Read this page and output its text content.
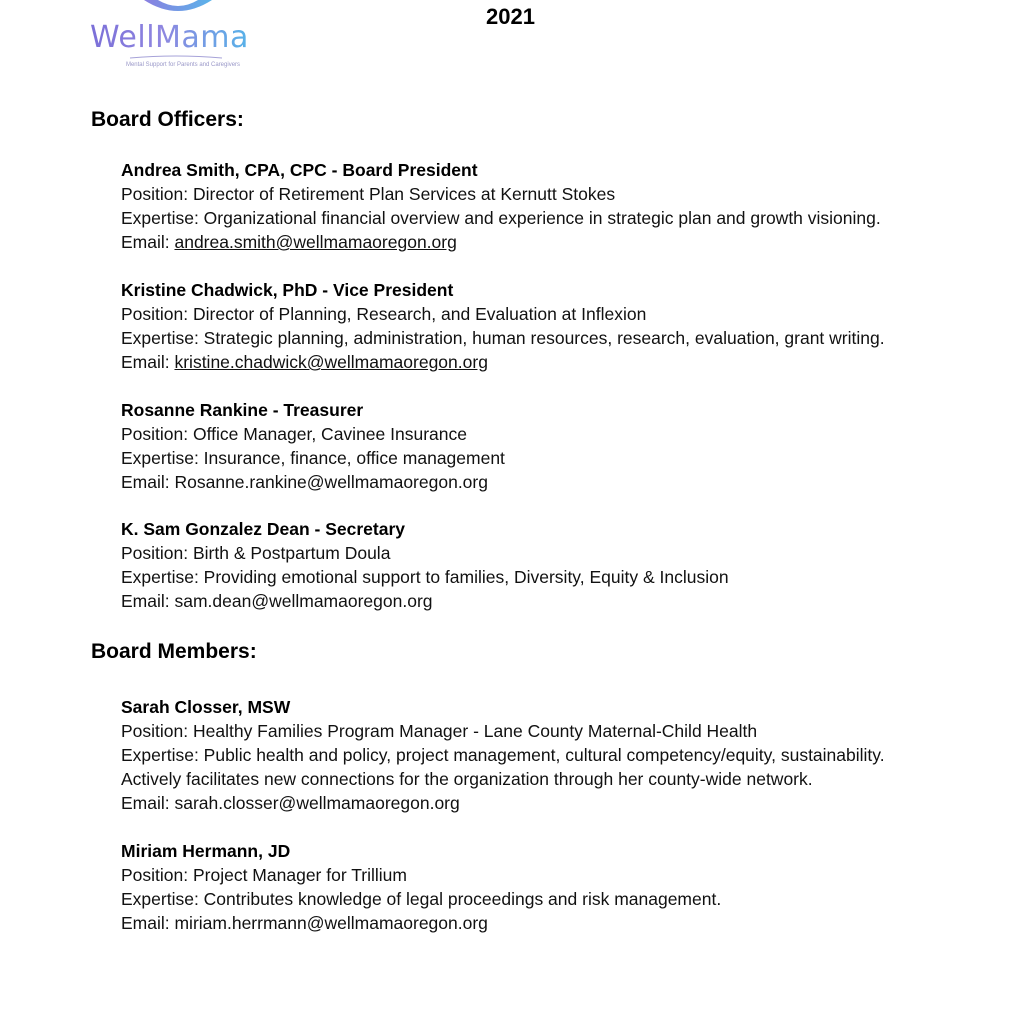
WellMama
Mental Support for Parents and Caregivers
2021
Board Officers:
Andrea Smith, CPA, CPC - Board President
Position: Director of Retirement Plan Services at Kernutt Stokes
Expertise: Organizational financial overview and experience in strategic plan and growth visioning.
Email: andrea.smith@wellmamaoregon.org
Kristine Chadwick, PhD - Vice President
Position: Director of Planning, Research, and Evaluation at Inflexion
Expertise: Strategic planning, administration, human resources, research, evaluation, grant writing.
Email: kristine.chadwick@wellmamaoregon.org
Rosanne Rankine - Treasurer
Position: Office Manager, Cavinee Insurance
Expertise: Insurance, finance, office management
Email: Rosanne.rankine@wellmamaoregon.org
K. Sam Gonzalez Dean - Secretary
Position: Birth & Postpartum Doula
Expertise: Providing emotional support to families, Diversity, Equity & Inclusion
Email: sam.dean@wellmamaoregon.org
Board Members:
Sarah Closser, MSW
Position: Healthy Families Program Manager - Lane County Maternal-Child Health
Expertise: Public health and policy, project management, cultural competency/equity, sustainability.
Actively facilitates new connections for the organization through her county-wide network.
Email: sarah.closser@wellmamaoregon.org
Miriam Hermann, JD
Position: Project Manager for Trillium
Expertise: Contributes knowledge of legal proceedings and risk management.
Email: miriam.herrmann@wellmamaoregon.org
